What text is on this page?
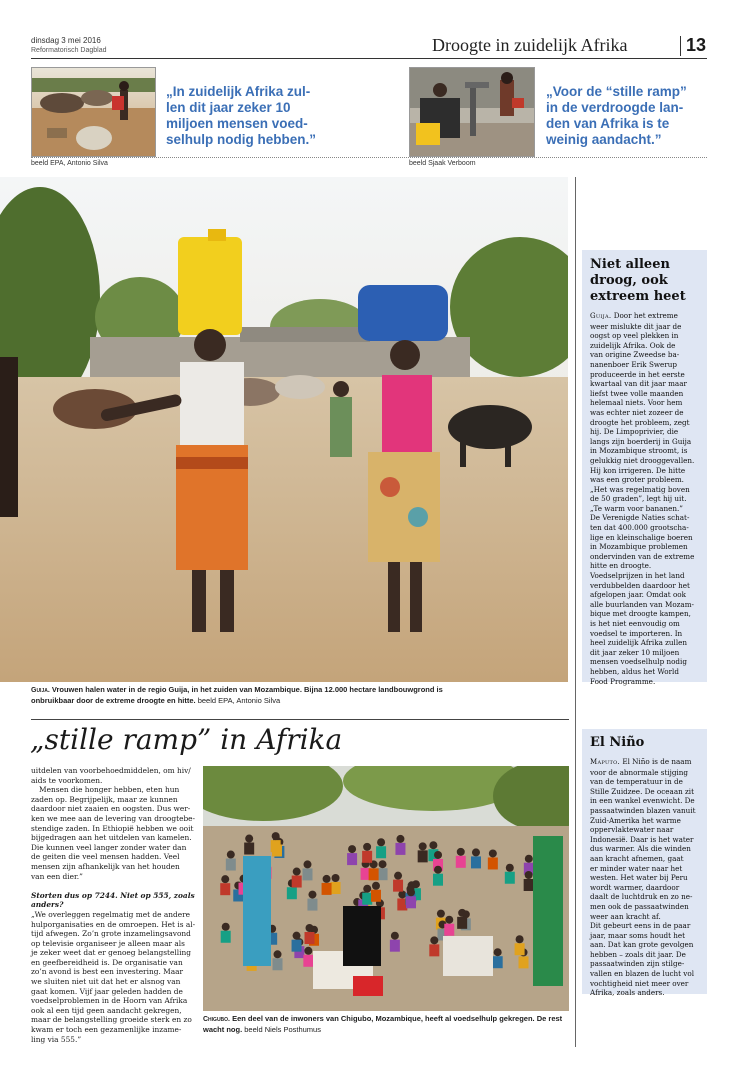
dinsdag 3 mei 2016
Reformatorisch Dagblad	Droogte in zuidelijk Afrika	13
„In zuidelijk Afrika zul-
len dit jaar zeker 10
miljoen mensen voed-
selhulp nodig hebben.”
„Voor de “stille ramp”
in de verdroogde lan-
den van Afrika is te
weinig aandacht.”
beeld EPA, Antonio Silva	beeld Sjaak Verboom
Guija. Vrouwen halen water in de regio Guija, in het zuiden van Mozambique. Bijna 12.000 hectare landbouwgrond is
onbruikbaar door de extreme droogte en hitte. beeld EPA, Antonio Silva
Niet alleen
droog, ook
extreem heet
Guija. Door het extreme
weer mislukte dit jaar de
oogst op veel plekken in
zuidelijk Afrika. Ook de
van origine Zweedse ba-
nanenboer Erik Swerup
produceerde in het eerste
kwartaal van dit jaar maar
liefst twee volle maanden
helemaal niets. Voor hem
was echter niet zozeer de
droogte het probleem, zegt
hij. De Limpoprivier, die
langs zijn boerderij in Guija
in Mozambique stroomt, is
gelukkig niet drooggevallen.
Hij kon irrigeren. De hitte
was een groter probleem.
„Het was regelmatig boven
de 50 graden”, legt hij uit.
„Te warm voor bananen.”
De Verenigde Naties schat-
ten dat 400.000 grootscha-
lige en kleinschalige boeren
in Mozambique problemen
ondervinden van de extreme
hitte en droogte.
Voedselprijzen in het land
verdubbelden daardoor het
afgelopen jaar. Omdat ook
alle buurlanden van Mozam-
bique met droogte kampen,
is het niet eenvoudig om
voedsel te importeren. In
heel zuidelijk Afrika zullen
dit jaar zeker 10 miljoen
mensen voedselhulp nodig
hebben, aldus het World
Food Programme.
„stille ramp” in Afrika

uitdelen van voorbehoedmiddelen, om hiv/

aids te voorkomen.

Mensen die honger hebben, eten hun

zaden op. Begrijpelijk, maar ze kunnen

daardoor niet zaaien en oogsten. Dus wer-

ken we mee aan de levering van droogtebe-

stendige zaden. In Ethiopië hebben we ooit

bijgedragen aan het uitdelen van kamelen.

Die kunnen veel langer zonder water dan

de geiten die veel mensen hadden. Veel

mensen zijn afhankelijk van het houden

van een dier.”

Storten dus op 7244. Niet op 555, zoals

anders?

„We overleggen regelmatig met de andere

hulporganisaties en de omroepen. Het is al-

tijd afwegen. Zo’n grote inzamelingsavond

op televisie organiseer je alleen maar als

je zeker weet dat er genoeg belangstelling

en geefbereidheid is. De organisatie van

zo’n avond is best een investering. Maar

we sluiten niet uit dat het er alsnog van

gaat komen. Vijf jaar geleden hadden de

voedselproblemen in de Hoorn van Afrika

ook al een tijd geen aandacht gekregen,

maar de belangstelling groeide sterk en zo

kwam er toch een gezamenlijke inzame-

ling via 555.”

Chigubo. Een deel van de inwoners van Chigubo, Mozambique, heeft al voedselhulp gekregen. De rest
wacht nog. beeld Niels Posthumus
El Niño
Maputo. El Niño is de naam
voor de abnormale stijging
van de temperatuur in de
Stille Zuidzee. De oceaan zit
in een wankel evenwicht. De
passaatwinden blazen vanuit
Zuid-Amerika het warme
oppervlaktewater naar
Indonesië. Daar is het water
dus warmer. Als die winden
aan kracht afnemen, gaat
er minder water naar het
westen. Het water bij Peru
wordt warmer, daardoor
daalt de luchtdruk en zo ne-
men ook de passaatwinden
weer aan kracht af.
Dit gebeurt eens in de paar
jaar, maar soms houdt het
aan. Dat kan grote gevolgen
hebben – zoals dit jaar. De
passaatwinden zijn stilge-
vallen en blazen de lucht vol
vochtigheid niet meer over
Afrika, zoals anders.
